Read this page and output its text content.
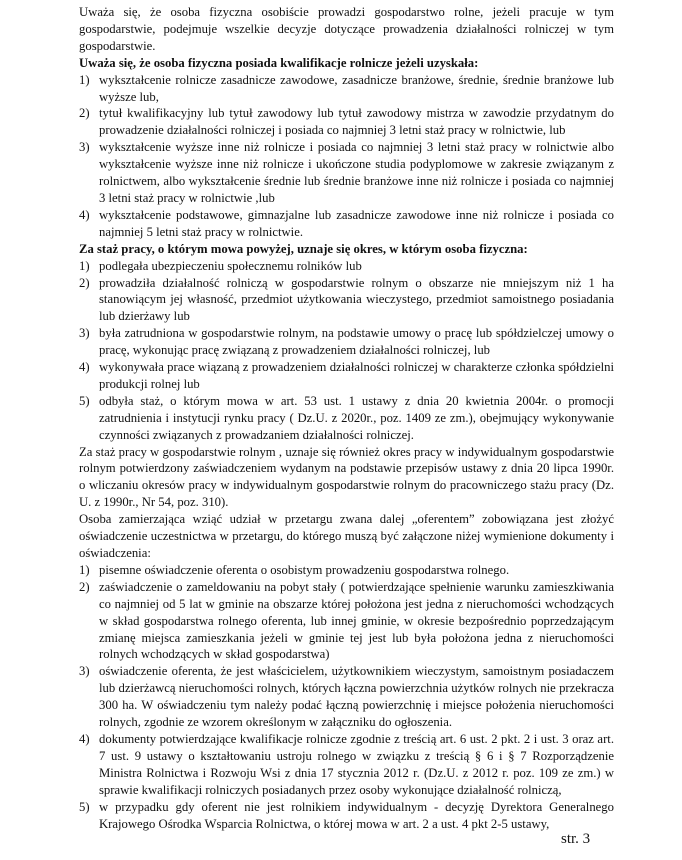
Uważa się, że osoba fizyczna osobiście prowadzi gospodarstwo rolne, jeżeli pracuje w tym gospodarstwie, podejmuje wszelkie decyzje dotyczące prowadzenia działalności rolniczej w tym gospodarstwie.

Uważa się, że osoba fizyczna posiada kwalifikacje rolnicze jeżeli uzyskała:

1) wykształcenie rolnicze zasadnicze zawodowe, zasadnicze branżowe, średnie, średnie branżowe lub wyższe lub,
2) tytuł kwalifikacyjny lub tytuł zawodowy lub tytuł zawodowy mistrza w zawodzie przydatnym do prowadzenie działalności rolniczej i posiada co najmniej 3 letni staż pracy w rolnictwie, lub
3) wykształcenie wyższe inne niż rolnicze i posiada co najmniej 3 letni staż pracy w rolnictwie albo wykształcenie wyższe inne niż rolnicze i ukończone studia podyplomowe w zakresie związanym z rolnictwem, albo wykształcenie średnie lub średnie branżowe inne niż rolnicze i posiada co najmniej 3 letni staż pracy w rolnictwie ,lub
4) wykształcenie podstawowe, gimnazjalne lub zasadnicze zawodowe inne niż rolnicze i posiada co najmniej 5 letni staż pracy w rolnictwie.

Za staż pracy, o którym mowa powyżej, uznaje się okres, w którym osoba fizyczna:

1) podlegała ubezpieczeniu społecznemu rolników lub
2) prowadziła działalność rolniczą w gospodarstwie rolnym o obszarze nie mniejszym niż 1 ha stanowiącym jej własność, przedmiot użytkowania wieczystego, przedmiot samoistnego posiadania lub dzierżawy lub
3) była zatrudniona w gospodarstwie rolnym, na podstawie umowy o pracę lub spółdzielczej umowy o pracę, wykonując pracę związaną z prowadzeniem działalności rolniczej, lub
4) wykonywała prace wiązaną z prowadzeniem działalności rolniczej w charakterze członka spółdzielni produkcji rolnej lub
5) odbyła staż, o którym mowa w art. 53 ust. 1 ustawy z dnia 20 kwietnia 2004r. o promocji zatrudnienia i instytucji rynku pracy ( Dz.U. z 2020r., poz. 1409 ze zm.), obejmujący wykonywanie czynności związanych z prowadzaniem działalności rolniczej.

Za staż pracy w gospodarstwie rolnym , uznaje się również okres pracy w indywidualnym gospodarstwie rolnym potwierdzony zaświadczeniem wydanym na podstawie przepisów ustawy z dnia 20 lipca 1990r. o wliczaniu okresów pracy w indywidualnym gospodarstwie rolnym do pracowniczego stażu pracy (Dz. U. z 1990r., Nr 54, poz. 310).

Osoba zamierzająca wziąć udział w przetargu zwana dalej „oferentem” zobowiązana jest złożyć oświadczenie uczestnictwa w przetargu, do którego muszą być załączone niżej wymienione dokumenty i oświadczenia:

1) pisemne oświadczenie oferenta o osobistym prowadzeniu gospodarstwa rolnego.
2) zaświadczenie o zameldowaniu na pobyt stały ( potwierdzające spełnienie warunku zamieszkiwania co najmniej od 5 lat w gminie na obszarze której położona jest jedna z nieruchomości wchodzących w skład gospodarstwa rolnego oferenta, lub innej gminie, w okresie bezpośrednio poprzedzającym zmianę miejsca zamieszkania jeżeli w gminie tej jest lub była położona jedna z nieruchomości rolnych wchodzących w skład gospodarstwa)
3) oświadczenie oferenta, że jest właścicielem, użytkownikiem wieczystym, samoistnym posiadaczem lub dzierżawcą nieruchomości rolnych, których łączna powierzchnia użytków rolnych nie przekracza 300 ha. W oświadczeniu tym należy podać łączną powierzchnię i miejsce położenia nieruchomości rolnych, zgodnie ze wzorem określonym w załączniku do ogłoszenia.
4) dokumenty potwierdzające kwalifikacje rolnicze zgodnie z treścią art. 6 ust. 2 pkt. 2 i ust. 3 oraz art. 7 ust. 9 ustawy o kształtowaniu ustroju rolnego w związku z treścią § 6 i § 7 Rozporządzenie Ministra Rolnictwa i Rozwoju Wsi z dnia 17 stycznia 2012 r. (Dz.U. z 2012 r. poz. 109 ze zm.) w sprawie kwalifikacji rolniczych posiadanych przez osoby wykonujące działalność rolniczą,
5) w przypadku gdy oferent nie jest rolnikiem indywidualnym - decyzję Dyrektora Generalnego Krajowego Ośrodka Wsparcia Rolnictwa, o której mowa w art. 2 a ust. 4 pkt 2-5 ustawy,
str. 3
